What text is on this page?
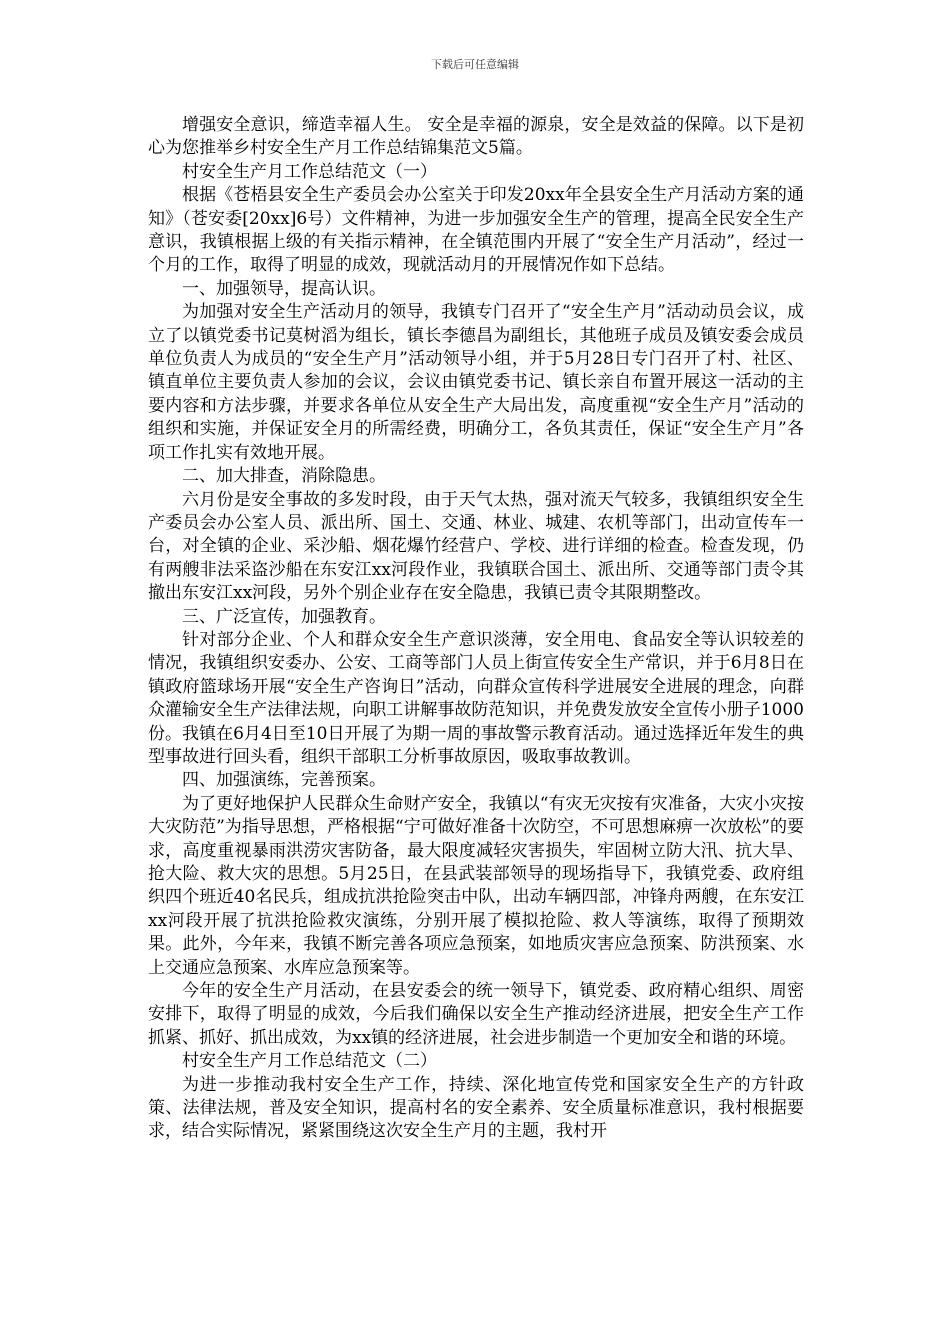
下载后可任意编辑

增强安全意识，缔造幸福人生。 安全是幸福的源泉，安全是效益的保障。以下是初心为您推举乡村安全生产月工作总结锦集范文5篇。

村安全生产月工作总结范文（一）

根据《苍梧县安全生产委员会办公室关于印发20xx年全县安全生产月活动方案的通知》（苍安委[20xx]6号）文件精神，为进一步加强安全生产的管理，提高全民安全生产意识，我镇根据上级的有关指示精神，在全镇范围内开展了“安全生产月活动”，经过一个月的工作，取得了明显的成效，现就活动月的开展情况作如下总结。

一、加强领导，提高认识。

为加强对安全生产活动月的领导，我镇专门召开了“安全生产月”活动动员会议，成立了以镇党委书记莫树滔为组长，镇长李德昌为副组长，其他班子成员及镇安委会成员单位负责人为成员的“安全生产月”活动领导小组，并于5月28日专门召开了村、社区、镇直单位主要负责人参加的会议，会议由镇党委书记、镇长亲自布置开展这一活动的主要内容和方法步骤，并要求各单位从安全生产大局出发，高度重视“安全生产月”活动的组织和实施，并保证安全月的所需经费，明确分工，各负其责任，保证“安全生产月”各项工作扎实有效地开展。

二、加大排查，消除隐患。

六月份是安全事故的多发时段，由于天气太热，强对流天气较多，我镇组织安全生产委员会办公室人员、派出所、国土、交通、林业、城建、农机等部门，出动宣传车一台，对全镇的企业、采沙船、烟花爆竹经营户、学校、进行详细的检查。检查发现，仍有两艘非法采盗沙船在东安江xx河段作业，我镇联合国土、派出所、交通等部门责令其撤出东安江xx河段，另外个别企业存在安全隐患，我镇已责令其限期整改。

三、广泛宣传，加强教育。

针对部分企业、个人和群众安全生产意识淡薄，安全用电、食品安全等认识较差的情况，我镇组织安委办、公安、工商等部门人员上街宣传安全生产常识，并于6月8日在镇政府篮球场开展“安全生产咨询日”活动，向群众宣传科学进展安全进展的理念，向群众灌输安全生产法律法规，向职工讲解事故防范知识，并免费发放安全宣传小册子1000份。我镇在6月4日至10日开展了为期一周的事故警示教育活动。通过选择近年发生的典型事故进行回头看，组织干部职工分析事故原因，吸取事故教训。

四、加强演练，完善预案。

为了更好地保护人民群众生命财产安全，我镇以“有灾无灾按有灾准备，大灾小灾按大灾防范”为指导思想，严格根据“宁可做好准备十次防空，不可思想麻痹一次放松”的要求，高度重视暴雨洪涝灾害防备，最大限度减轻灾害损失，牢固树立防大汛、抗大旱、抢大险、救大灾的思想。5月25日，在县武装部领导的现场指导下，我镇党委、政府组织四个班近40名民兵，组成抗洪抢险突击中队，出动车辆四部，冲锋舟两艘，在东安江xx河段开展了抗洪抢险救灾演练，分别开展了模拟抢险、救人等演练，取得了预期效果。此外，今年来，我镇不断完善各项应急预案，如地质灾害应急预案、防洪预案、水上交通应急预案、水库应急预案等。

今年的安全生产月活动，在县安委会的统一领导下，镇党委、政府精心组织、周密安排下，取得了明显的成效，今后我们确保以安全生产推动经济进展，把安全生产工作抓紧、抓好、抓出成效，为xx镇的经济进展，社会进步制造一个更加安全和谐的环境。

村安全生产月工作总结范文（二）

为进一步推动我村安全生产工作，持续、深化地宣传党和国家安全生产的方针政策、法律法规，普及安全知识，提高村名的安全素养、安全质量标准意识，我村根据要求，结合实际情况，紧紧围绕这次安全生产月的主题，我村开
